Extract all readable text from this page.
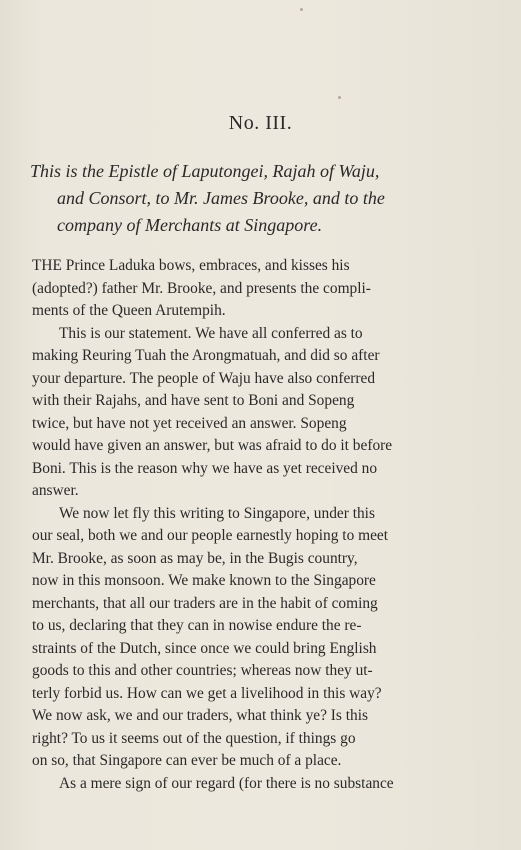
No. III.
This is the Epistle of Laputongei, Rajah of Waju,
and Consort, to Mr. James Brooke, and to the
company of Merchants at Singapore.
THE Prince Laduka bows, embraces, and kisses his
(adopted?) father Mr. Brooke, and presents the compli-
ments of the Queen Arutempih.
This is our statement. We have all conferred as to
making Reuring Tuah the Arongmatuah, and did so after
your departure. The people of Waju have also conferred
with their Rajahs, and have sent to Boni and Sopeng
twice, but have not yet received an answer. Sopeng
would have given an answer, but was afraid to do it before
Boni. This is the reason why we have as yet received no
answer.
We now let fly this writing to Singapore, under this
our seal, both we and our people earnestly hoping to meet
Mr. Brooke, as soon as may be, in the Bugis country,
now in this monsoon. We make known to the Singapore
merchants, that all our traders are in the habit of coming
to us, declaring that they can in nowise endure the re-
straints of the Dutch, since once we could bring English
goods to this and other countries; whereas now they ut-
terly forbid us. How can we get a livelihood in this way?
We now ask, we and our traders, what think ye? Is this
right? To us it seems out of the question, if things go
on so, that Singapore can ever be much of a place.
As a mere sign of our regard (for there is no substance
